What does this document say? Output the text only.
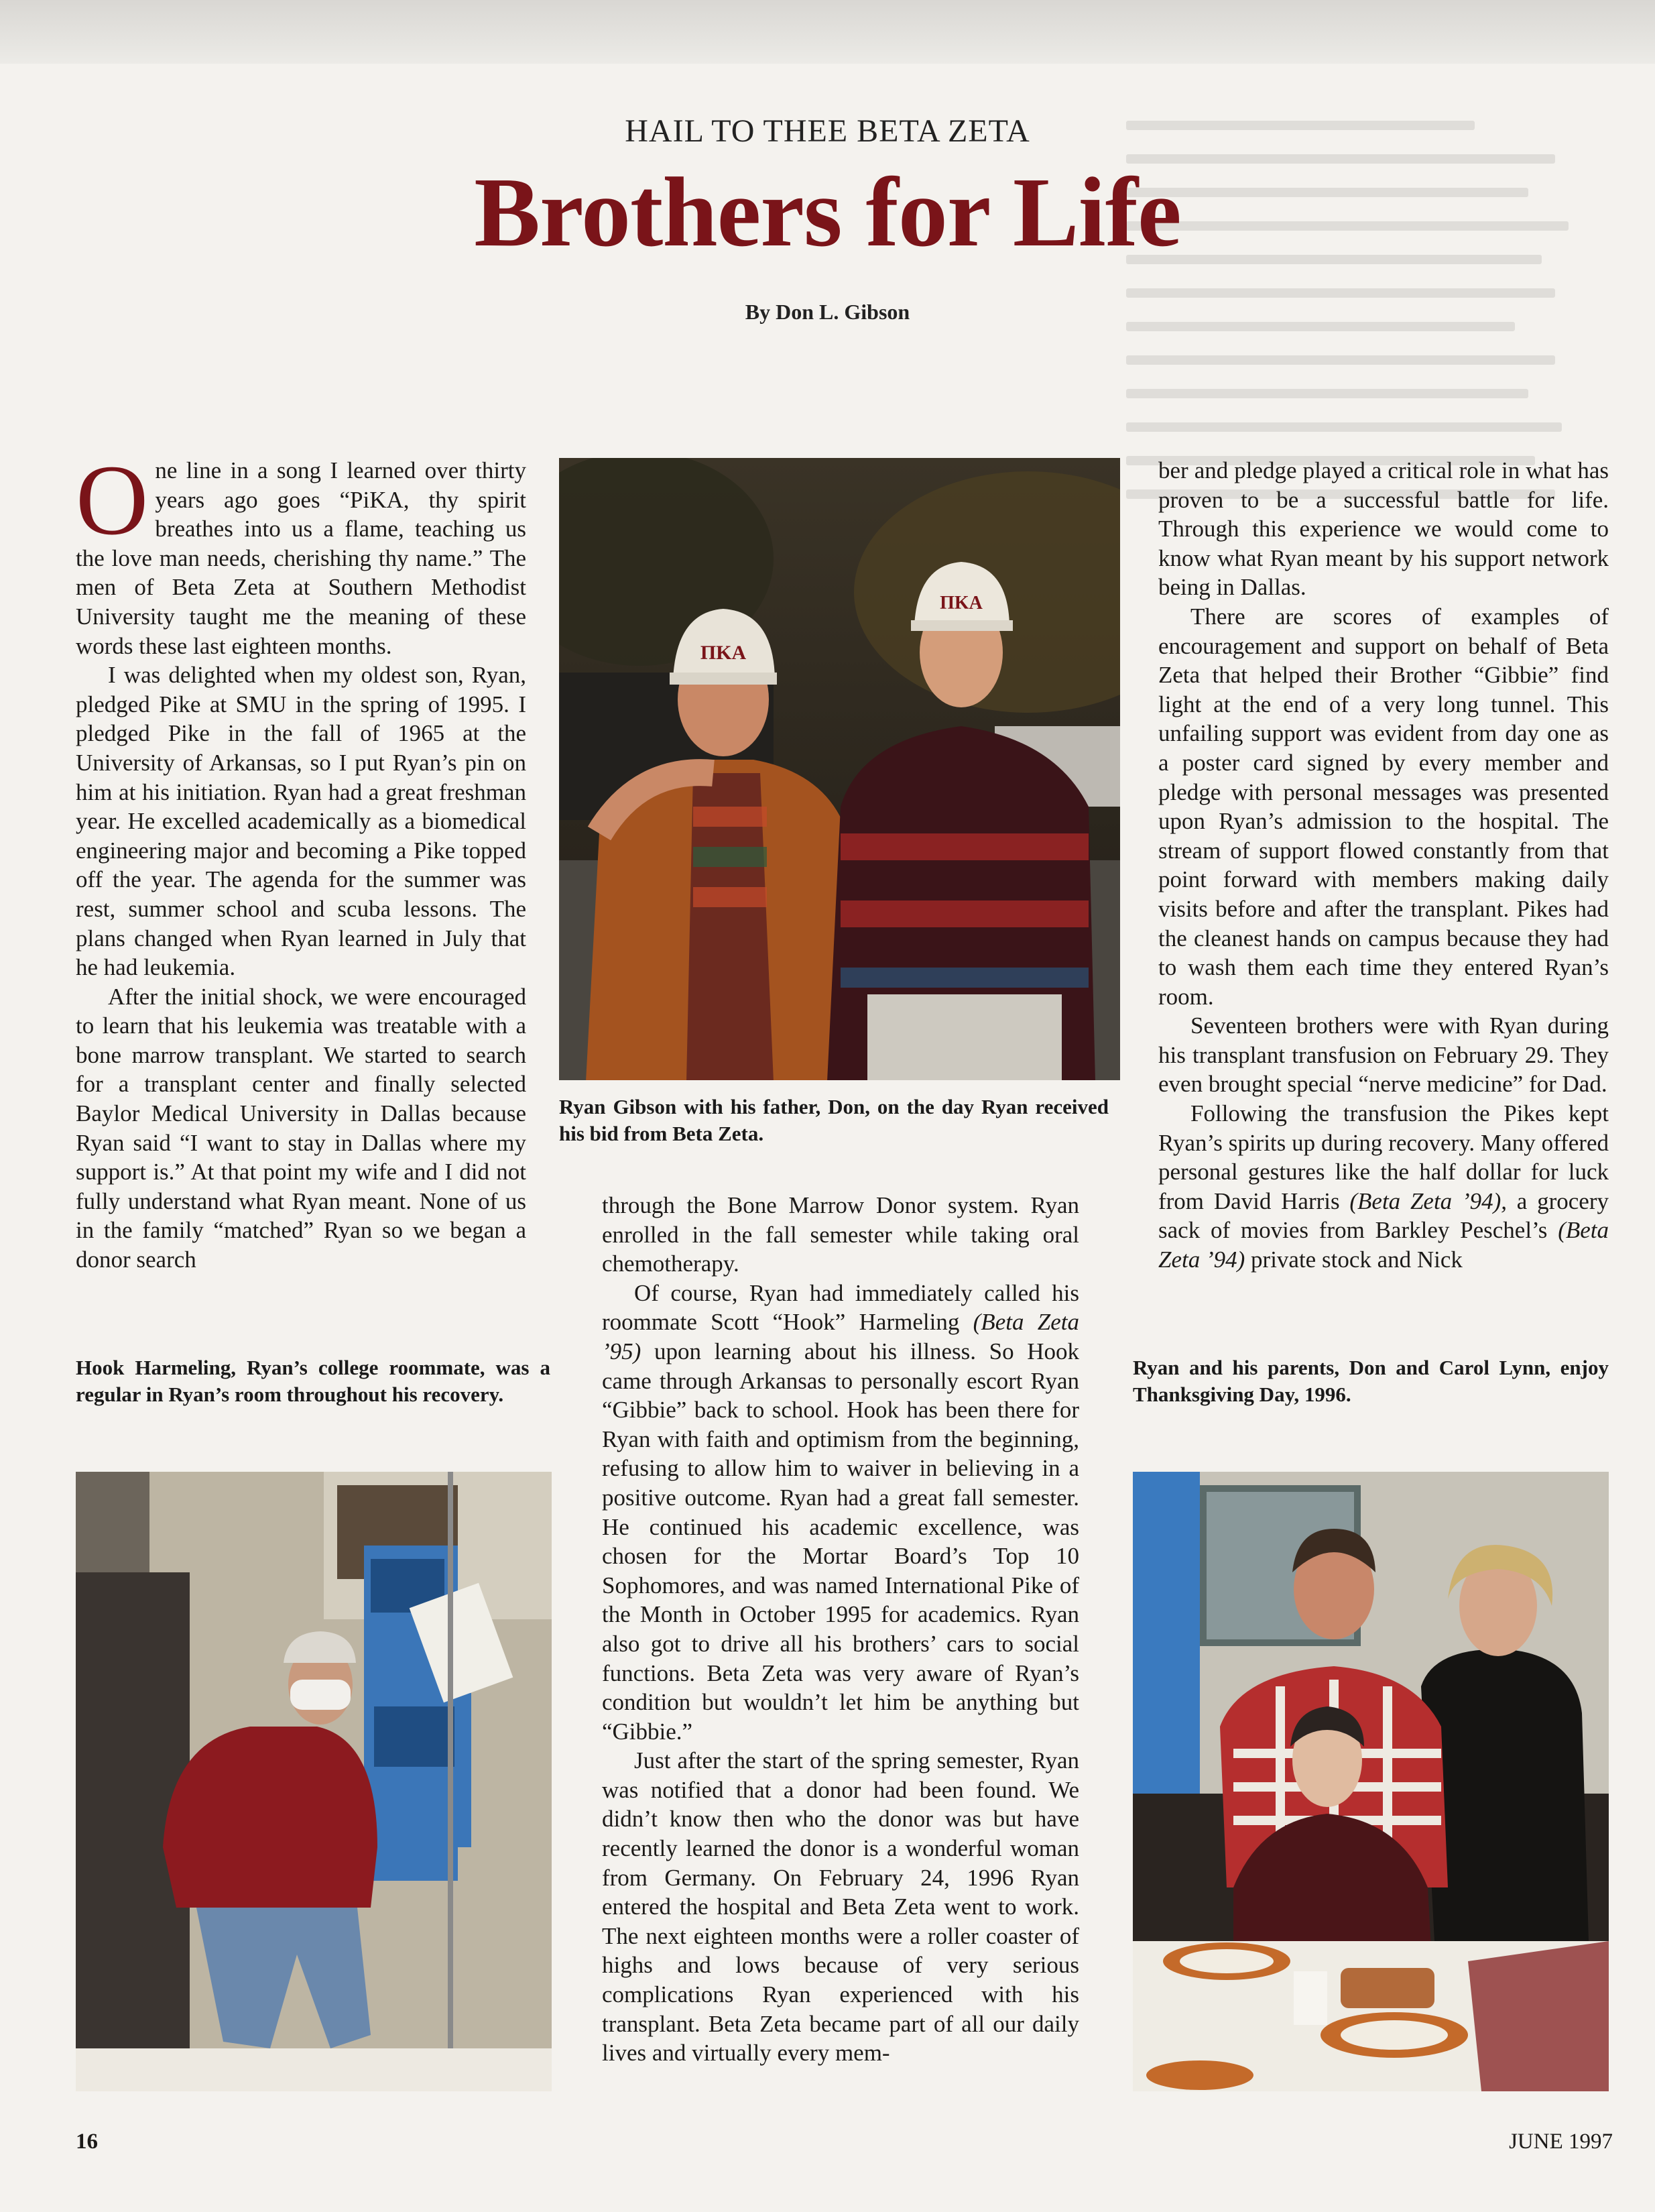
HAIL TO THEE BETA ZETA
Brothers for Life
By Don L. Gibson

One line in a song I learned over thirty years ago goes “PiKA, thy spirit breathes into us a flame, teaching us the love man needs, cherishing thy name.” The men of Beta Zeta at Southern Methodist University taught me the meaning of these words these last eighteen months.

I was delighted when my oldest son, Ryan, pledged Pike at SMU in the spring of 1995. I pledged Pike in the fall of 1965 at the University of Arkansas, so I put Ryan’s pin on him at his initiation. Ryan had a great freshman year. He excelled academically as a biomedical engineering major and becoming a Pike topped off the year. The agenda for the summer was rest, summer school and scuba lessons. The plans changed when Ryan learned in July that he had leukemia.

After the initial shock, we were encouraged to learn that his leukemia was treatable with a bone marrow transplant. We started to search for a transplant center and finally selected Baylor Medical University in Dallas because Ryan said “I want to stay in Dallas where my support is.” At that point my wife and I did not fully understand what Ryan meant. None of us in the family “matched” Ryan so we began a donor search

Hook Harmeling, Ryan’s college roommate, was a regular in Ryan’s room throughout his recovery.
ΠΚΑ
ΠΚΑ
Ryan Gibson with his father, Don, on the day Ryan received his bid from Beta Zeta.

through the Bone Marrow Donor system. Ryan enrolled in the fall semester while taking oral chemotherapy.

Of course, Ryan had immediately called his roommate Scott “Hook” Harmeling (Beta Zeta ’95) upon learning about his illness. So Hook came through Arkansas to personally escort Ryan “Gibbie” back to school. Hook has been there for Ryan with faith and optimism from the beginning, refusing to allow him to waiver in believing in a positive outcome. Ryan had a great fall semester. He continued his academic excellence, was chosen for the Mortar Board’s Top 10 Sophomores, and was named International Pike of the Month in October 1995 for academics. Ryan also got to drive all his brothers’ cars to social functions. Beta Zeta was very aware of Ryan’s condition but wouldn’t let him be anything but “Gibbie.”

Just after the start of the spring semester, Ryan was notified that a donor had been found. We didn’t know then who the donor was but have recently learned the donor is a wonderful woman from Germany. On February 24, 1996 Ryan entered the hospital and Beta Zeta went to work. The next eighteen months were a roller coaster of highs and lows because of very serious complications Ryan experienced with his transplant. Beta Zeta became part of all our daily lives and virtually every mem-

ber and pledge played a critical role in what has proven to be a successful battle for life. Through this experience we would come to know what Ryan meant by his support network being in Dallas.

There are scores of examples of encouragement and support on behalf of Beta Zeta that helped their Brother “Gibbie” find light at the end of a very long tunnel. This unfailing support was evident from day one as a poster card signed by every member and pledge with personal messages was presented upon Ryan’s admission to the hospital. The stream of support flowed constantly from that point forward with members making daily visits before and after the transplant. Pikes had the cleanest hands on campus because they had to wash them each time they entered Ryan’s room.

Seventeen brothers were with Ryan during his transplant transfusion on February 29. They even brought special “nerve medicine” for Dad.

Following the transfusion the Pikes kept Ryan’s spirits up during recovery. Many offered personal gestures like the half dollar for luck from David Harris (Beta Zeta ’94), a grocery sack of movies from Barkley Peschel’s (Beta Zeta ’94) private stock and Nick

Ryan and his parents, Don and Carol Lynn, enjoy Thanksgiving Day, 1996.
16	JUNE 1997
